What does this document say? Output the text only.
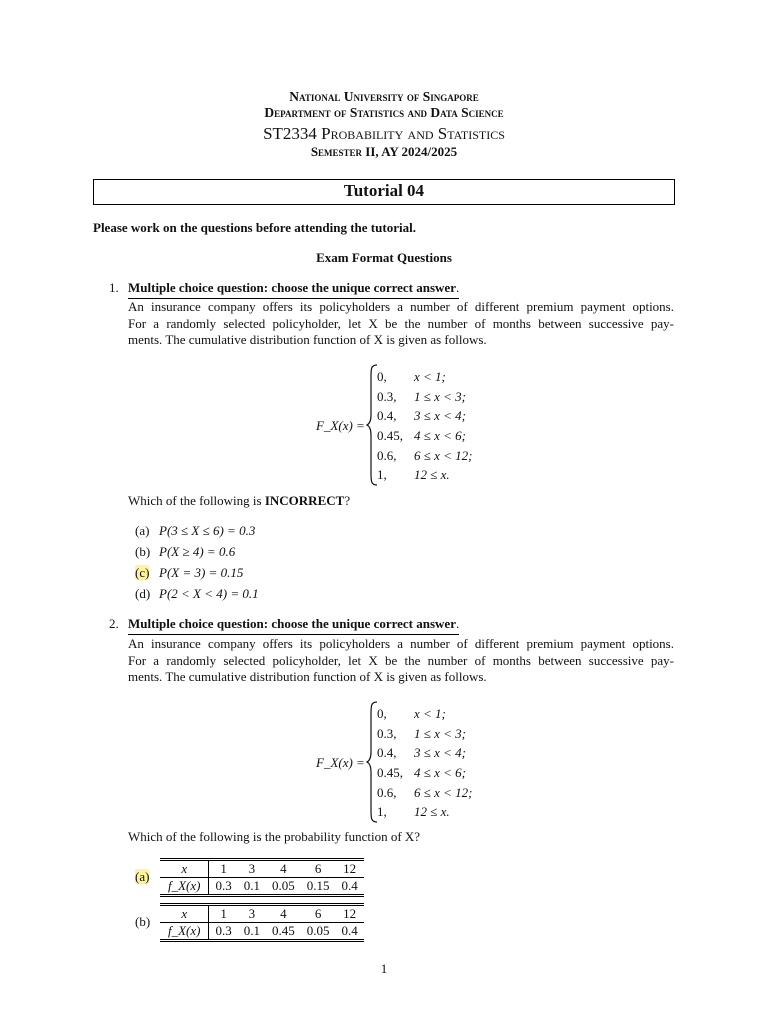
National University of Singapore
Department of Statistics and Data Science
ST2334 Probability and Statistics
Semester II, AY 2024/2025
Tutorial 04
Please work on the questions before attending the tutorial.
Exam Format Questions
1. Multiple choice question: choose the unique correct answer.
An insurance company offers its policyholders a number of different premium payment options.
For a randomly selected policyholder, let X be the number of months between successive pay-
ments. The cumulative distribution function of X is given as follows.
F_X(x) =
0, x < 1;
0.3, 1 ≤ x < 3;
0.4, 3 ≤ x < 4;
0.45, 4 ≤ x < 6;
0.6, 6 ≤ x < 12;
1, 12 ≤ x.
Which of the following is INCORRECT?
(a) P(3 ≤ X ≤ 6) = 0.3
(b) P(X ≥ 4) = 0.6
(c) P(X = 3) = 0.15
(d) P(2 < X < 4) = 0.1
2. Multiple choice question: choose the unique correct answer.
An insurance company offers its policyholders a number of different premium payment options.
For a randomly selected policyholder, let X be the number of months between successive pay-
ments. The cumulative distribution function of X is given as follows.
F_X(x) =
0, x < 1;
0.3, 1 ≤ x < 3;
0.4, 3 ≤ x < 4;
0.45, 4 ≤ x < 6;
0.6, 6 ≤ x < 12;
1, 12 ≤ x.
Which of the following is the probability function of X?
(a)
x	1	3	4	6	12
f_X(x)	0.3	0.1	0.05	0.15	0.4
(b)
x	1	3	4	6	12
f_X(x)	0.3	0.1	0.45	0.05	0.4
1
